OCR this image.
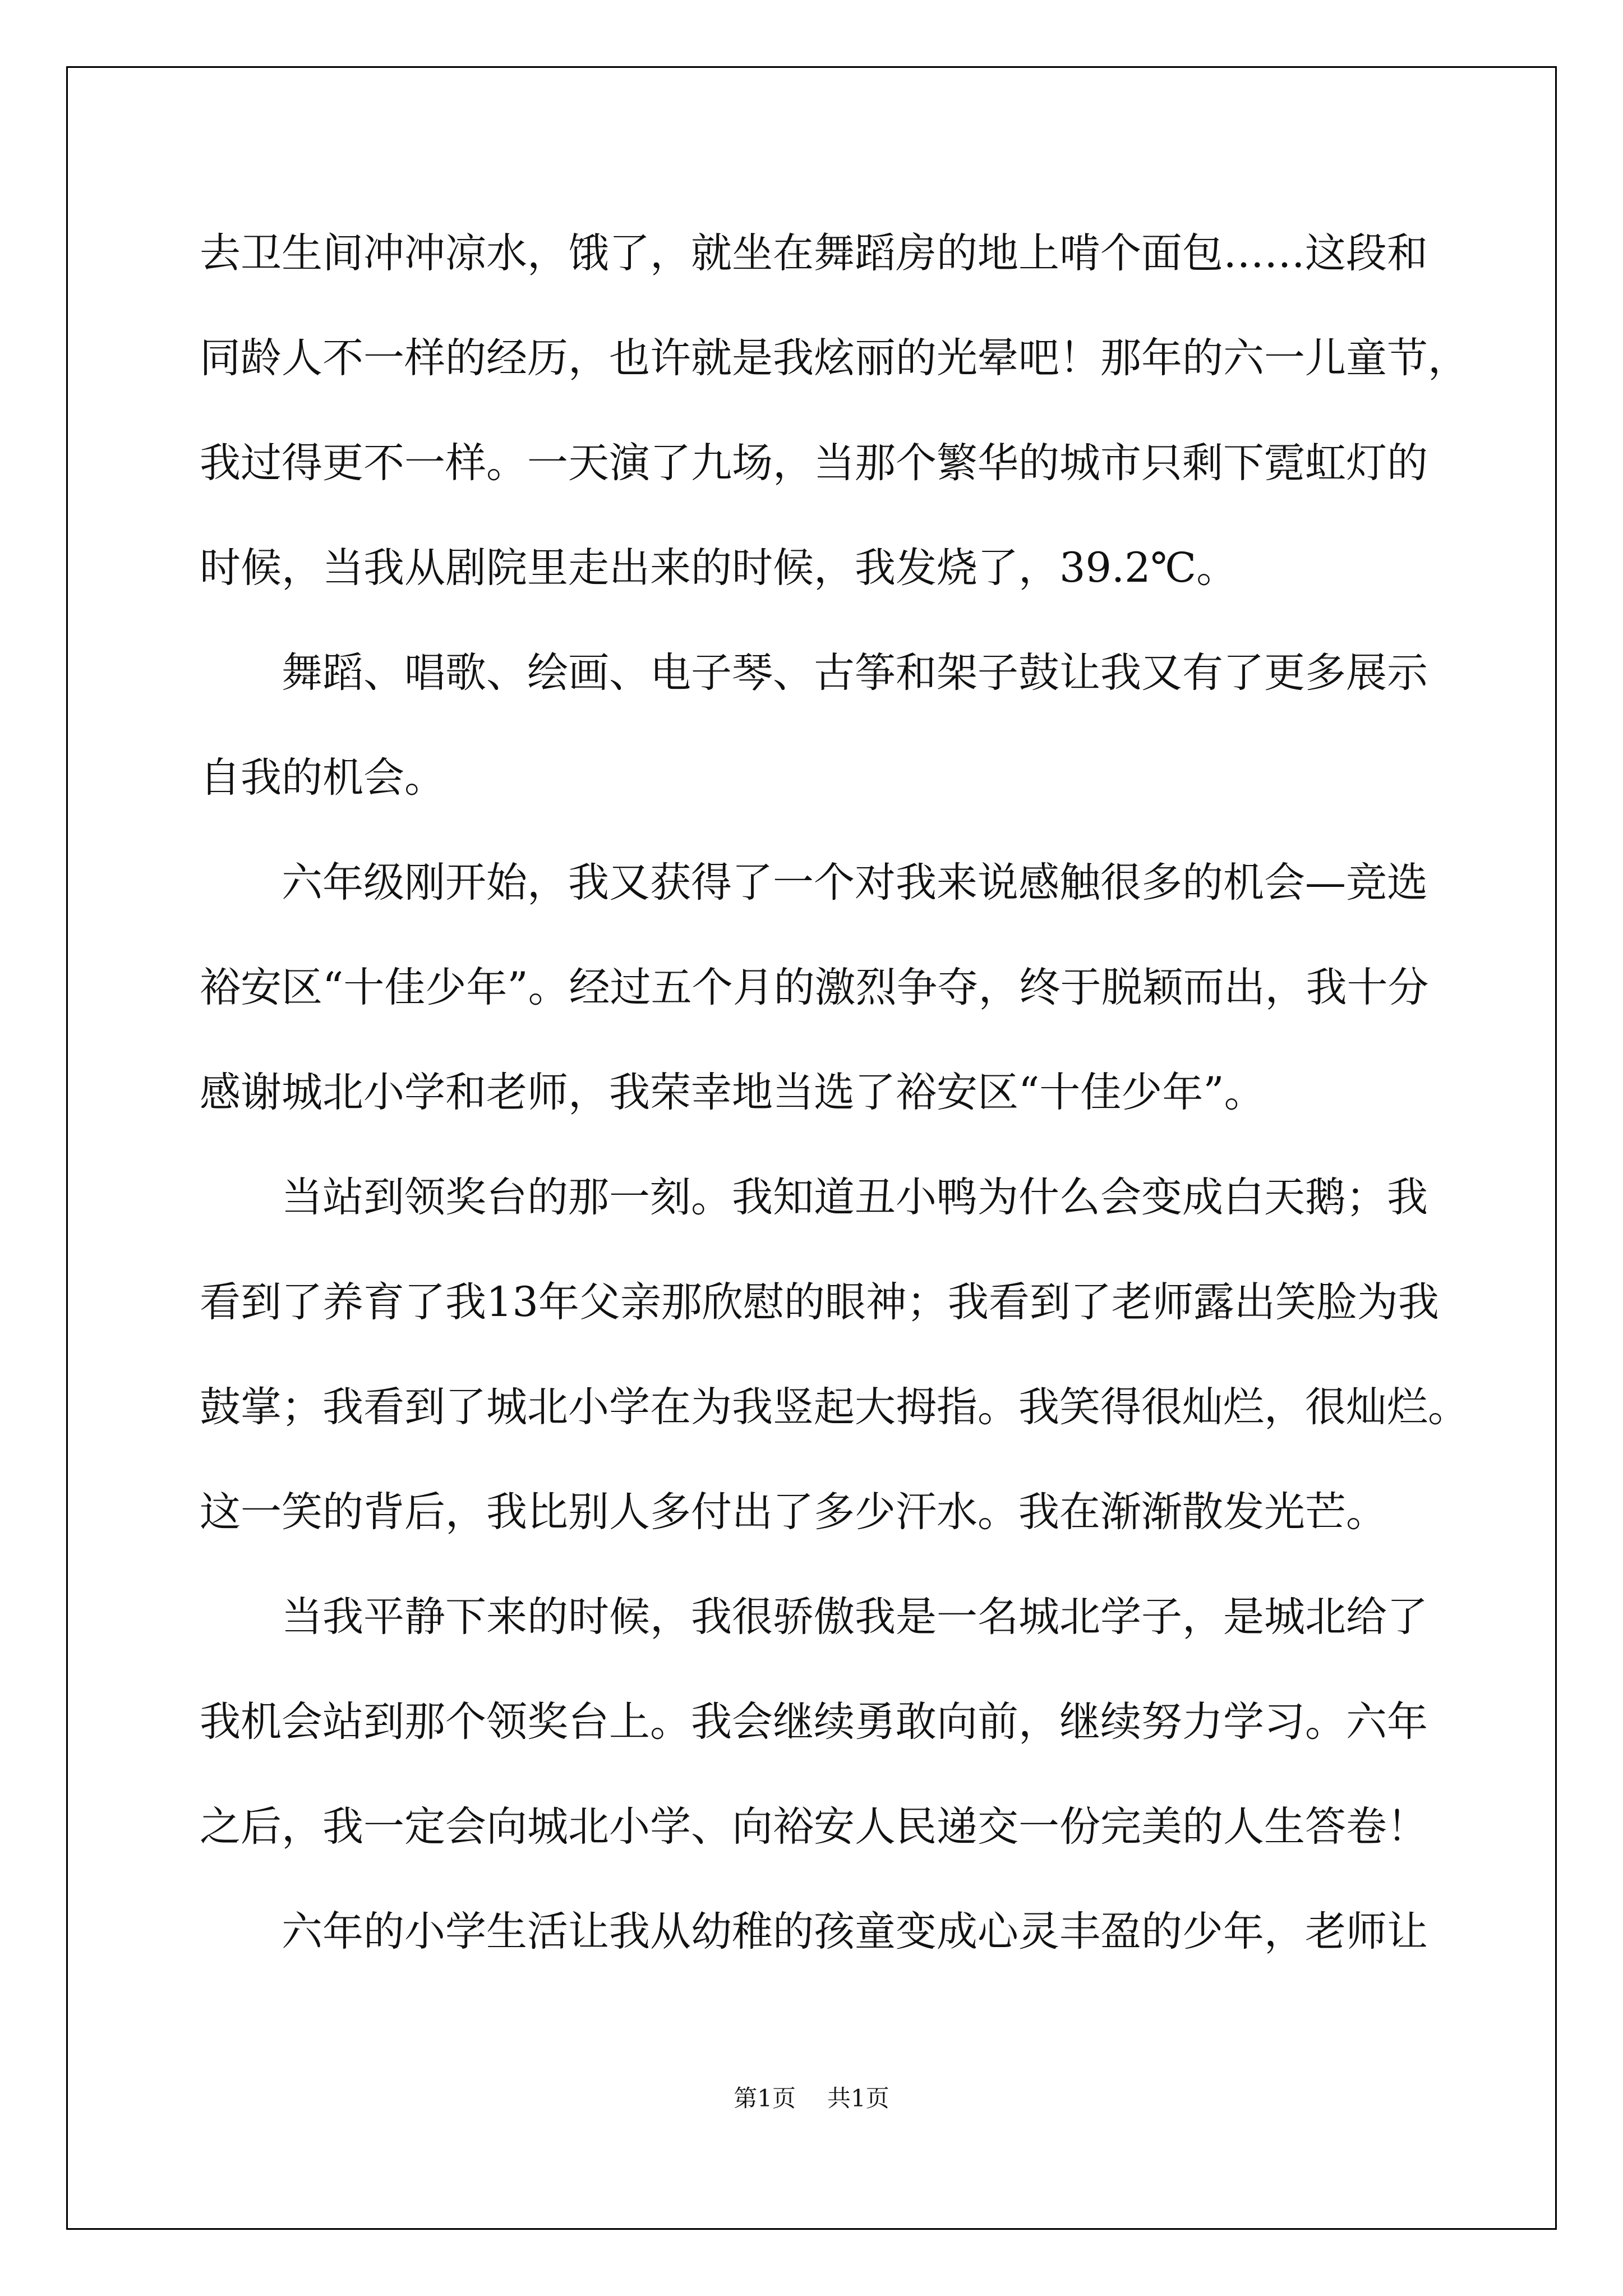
去卫生间冲冲凉水，饿了，就坐在舞蹈房的地上啃个面包……这段和
同龄人不一样的经历，也许就是我炫丽的光晕吧！那年的六一儿童节，
我过得更不一样。一天演了九场，当那个繁华的城市只剩下霓虹灯的
时候，当我从剧院里走出来的时候，我发烧了，39.2℃。
舞蹈、唱歌、绘画、电子琴、古筝和架子鼓让我又有了更多展示
自我的机会。
六年级刚开始，我又获得了一个对我来说感触很多的机会—竞选
裕安区“十佳少年”。经过五个月的激烈争夺，终于脱颖而出，我十分
感谢城北小学和老师，我荣幸地当选了裕安区“十佳少年”。
当站到领奖台的那一刻。我知道丑小鸭为什么会变成白天鹅；我
看到了养育了我13年父亲那欣慰的眼神；我看到了老师露出笑脸为我
鼓掌；我看到了城北小学在为我竖起大拇指。我笑得很灿烂，很灿烂。
这一笑的背后，我比别人多付出了多少汗水。我在渐渐散发光芒。
当我平静下来的时候，我很骄傲我是一名城北学子，是城北给了
我机会站到那个领奖台上。我会继续勇敢向前，继续努力学习。六年
之后，我一定会向城北小学、向裕安人民递交一份完美的人生答卷！
六年的小学生活让我从幼稚的孩童变成心灵丰盈的少年，老师让
第1页 共1页
